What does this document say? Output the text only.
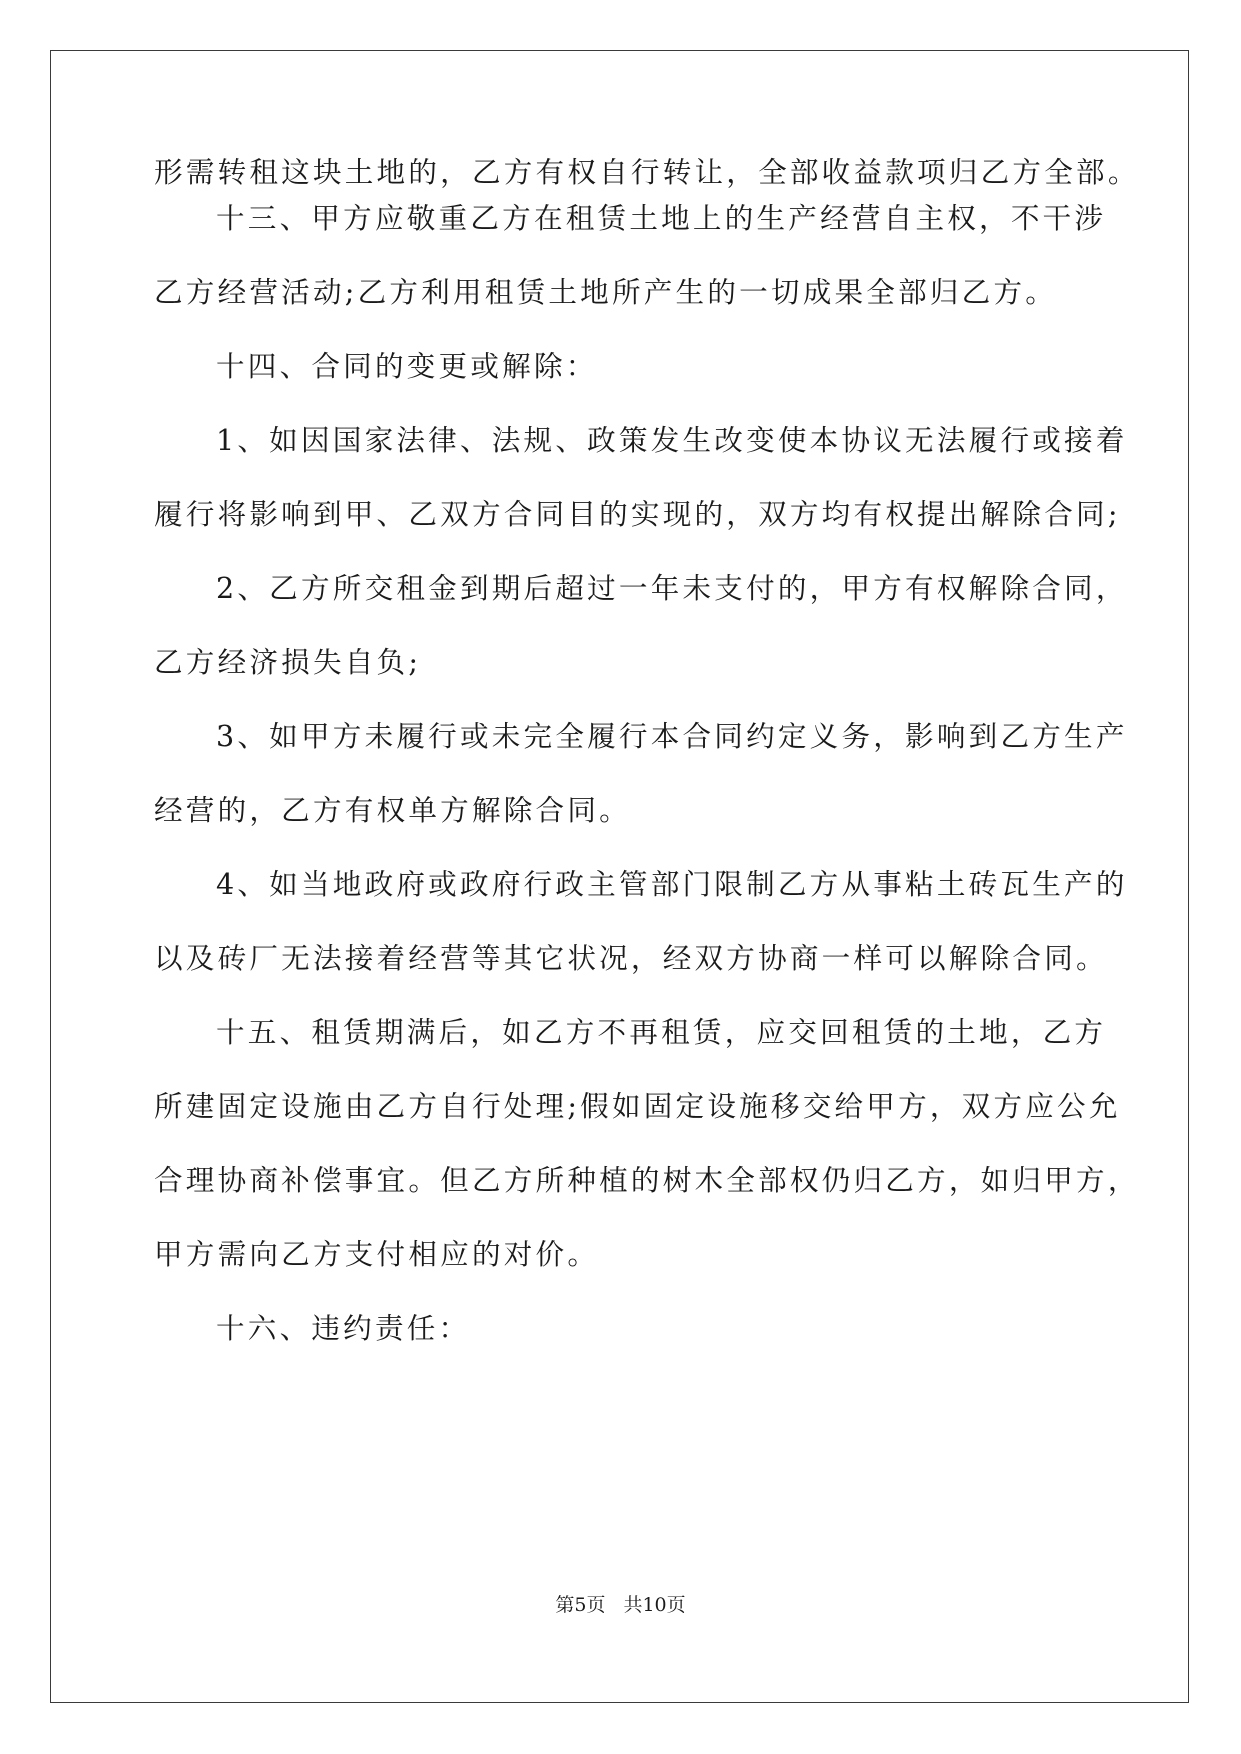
形需转租这块土地的，乙方有权自行转让，全部收益款项归乙方全部。
十三、甲方应敬重乙方在租赁土地上的生产经营自主权，不干涉
乙方经营活动;乙方利用租赁土地所产生的一切成果全部归乙方。
十四、合同的变更或解除：
1、如因国家法律、法规、政策发生改变使本协议无法履行或接着
履行将影响到甲、乙双方合同目的实现的，双方均有权提出解除合同;
2、乙方所交租金到期后超过一年未支付的，甲方有权解除合同，
乙方经济损失自负;
3、如甲方未履行或未完全履行本合同约定义务，影响到乙方生产
经营的，乙方有权单方解除合同。
4、如当地政府或政府行政主管部门限制乙方从事粘土砖瓦生产的
以及砖厂无法接着经营等其它状况，经双方协商一样可以解除合同。
十五、租赁期满后，如乙方不再租赁，应交回租赁的土地，乙方
所建固定设施由乙方自行处理;假如固定设施移交给甲方，双方应公允
合理协商补偿事宜。但乙方所种植的树木全部权仍归乙方，如归甲方，
甲方需向乙方支付相应的对价。
十六、违约责任：
第5页 共10页
